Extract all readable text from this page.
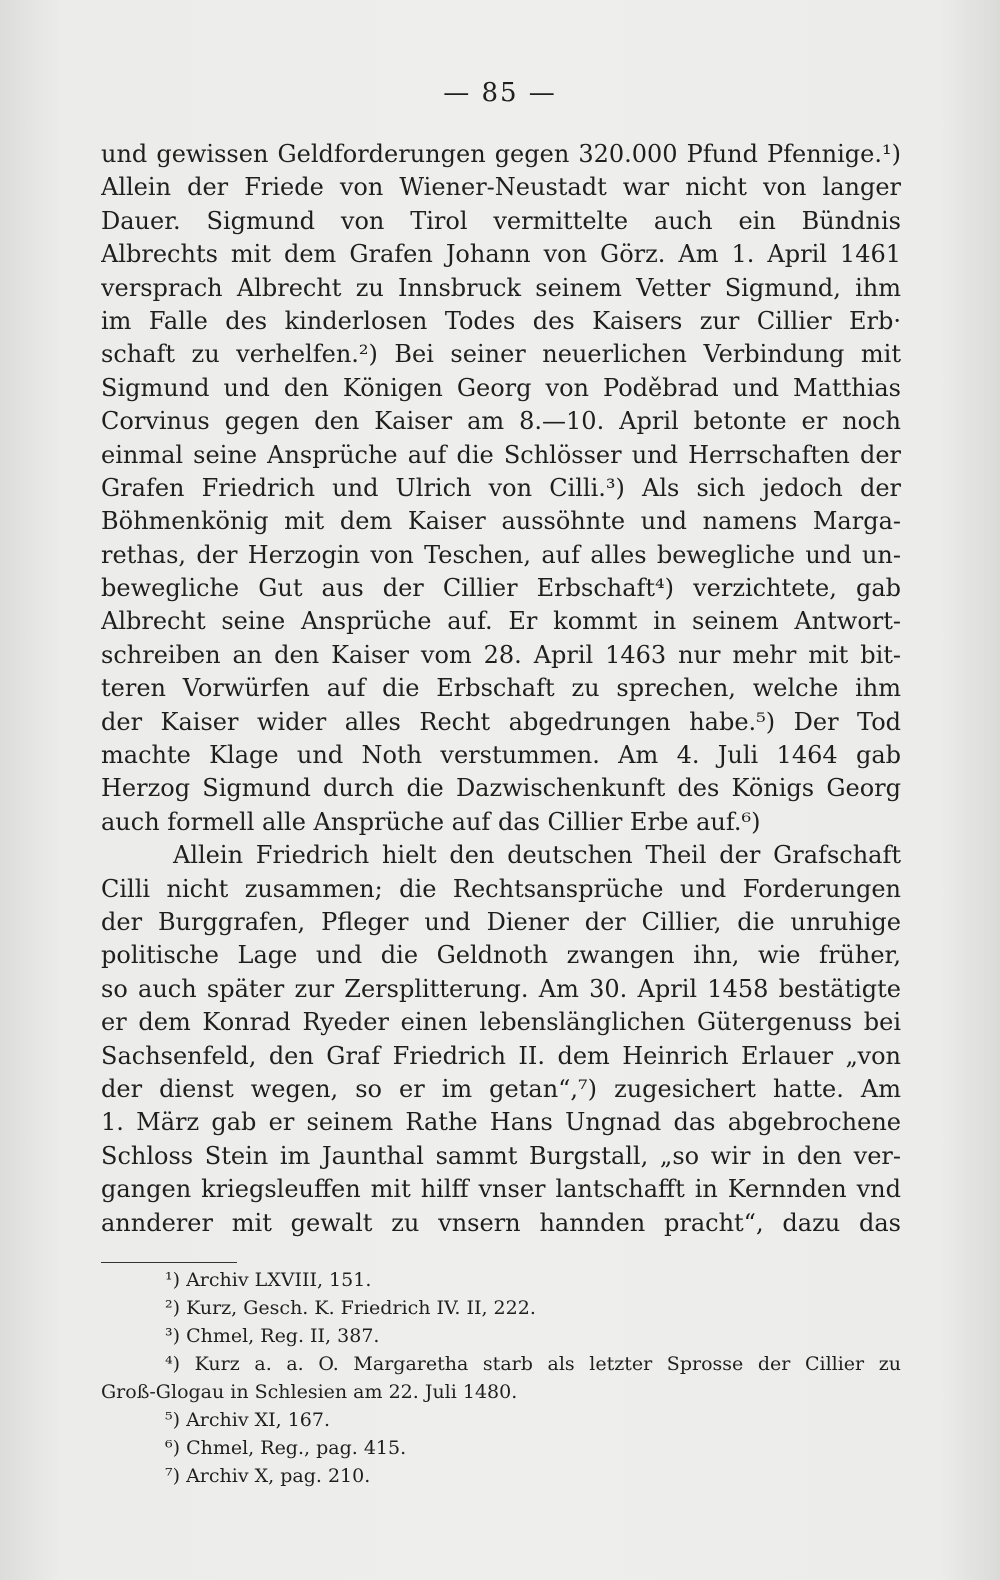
— 85 —
und gewissen Geldforderungen gegen 320.000 Pfund Pfennige.¹)
Allein der Friede von Wiener-Neustadt war nicht von langer
Dauer. Sigmund von Tirol vermittelte auch ein Bündnis
Albrechts mit dem Grafen Johann von Görz. Am 1. April 1461
versprach Albrecht zu Innsbruck seinem Vetter Sigmund, ihm
im Falle des kinderlosen Todes des Kaisers zur Cillier Erb·
schaft zu verhelfen.²) Bei seiner neuerlichen Verbindung mit
Sigmund und den Königen Georg von Poděbrad und Matthias
Corvinus gegen den Kaiser am 8.—10. April betonte er noch
einmal seine Ansprüche auf die Schlösser und Herrschaften der
Grafen Friedrich und Ulrich von Cilli.³) Als sich jedoch der
Böhmenkönig mit dem Kaiser aussöhnte und namens Marga-
rethas, der Herzogin von Teschen, auf alles bewegliche und un-
bewegliche Gut aus der Cillier Erbschaft⁴) verzichtete, gab
Albrecht seine Ansprüche auf. Er kommt in seinem Antwort-
schreiben an den Kaiser vom 28. April 1463 nur mehr mit bit-
teren Vorwürfen auf die Erbschaft zu sprechen, welche ihm
der Kaiser wider alles Recht abgedrungen habe.⁵) Der Tod
machte Klage und Noth verstummen. Am 4. Juli 1464 gab
Herzog Sigmund durch die Dazwischenkunft des Königs Georg
auch formell alle Ansprüche auf das Cillier Erbe auf.⁶)
Allein Friedrich hielt den deutschen Theil der Grafschaft
Cilli nicht zusammen; die Rechtsansprüche und Forderungen
der Burggrafen, Pfleger und Diener der Cillier, die unruhige
politische Lage und die Geldnoth zwangen ihn, wie früher,
so auch später zur Zersplitterung. Am 30. April 1458 bestätigte
er dem Konrad Ryeder einen lebenslänglichen Gütergenuss bei
Sachsenfeld, den Graf Friedrich II. dem Heinrich Erlauer „von
der dienst wegen, so er im getan“,⁷) zugesichert hatte. Am
1. März gab er seinem Rathe Hans Ungnad das abgebrochene
Schloss Stein im Jaunthal sammt Burgstall, „so wir in den ver-
gangen kriegsleuffen mit hilff vnser lantschafft in Kernnden vnd
annderer mit gewalt zu vnsern hannden pracht“, dazu das
¹) Archiv LXVIII, 151.
²) Kurz, Gesch. K. Friedrich IV. II, 222.
³) Chmel, Reg. II, 387.
⁴) Kurz a. a. O. Margaretha starb als letzter Sprosse der Cillier zu
Groß-Glogau in Schlesien am 22. Juli 1480.
⁵) Archiv XI, 167.
⁶) Chmel, Reg., pag. 415.
⁷) Archiv X, pag. 210.
